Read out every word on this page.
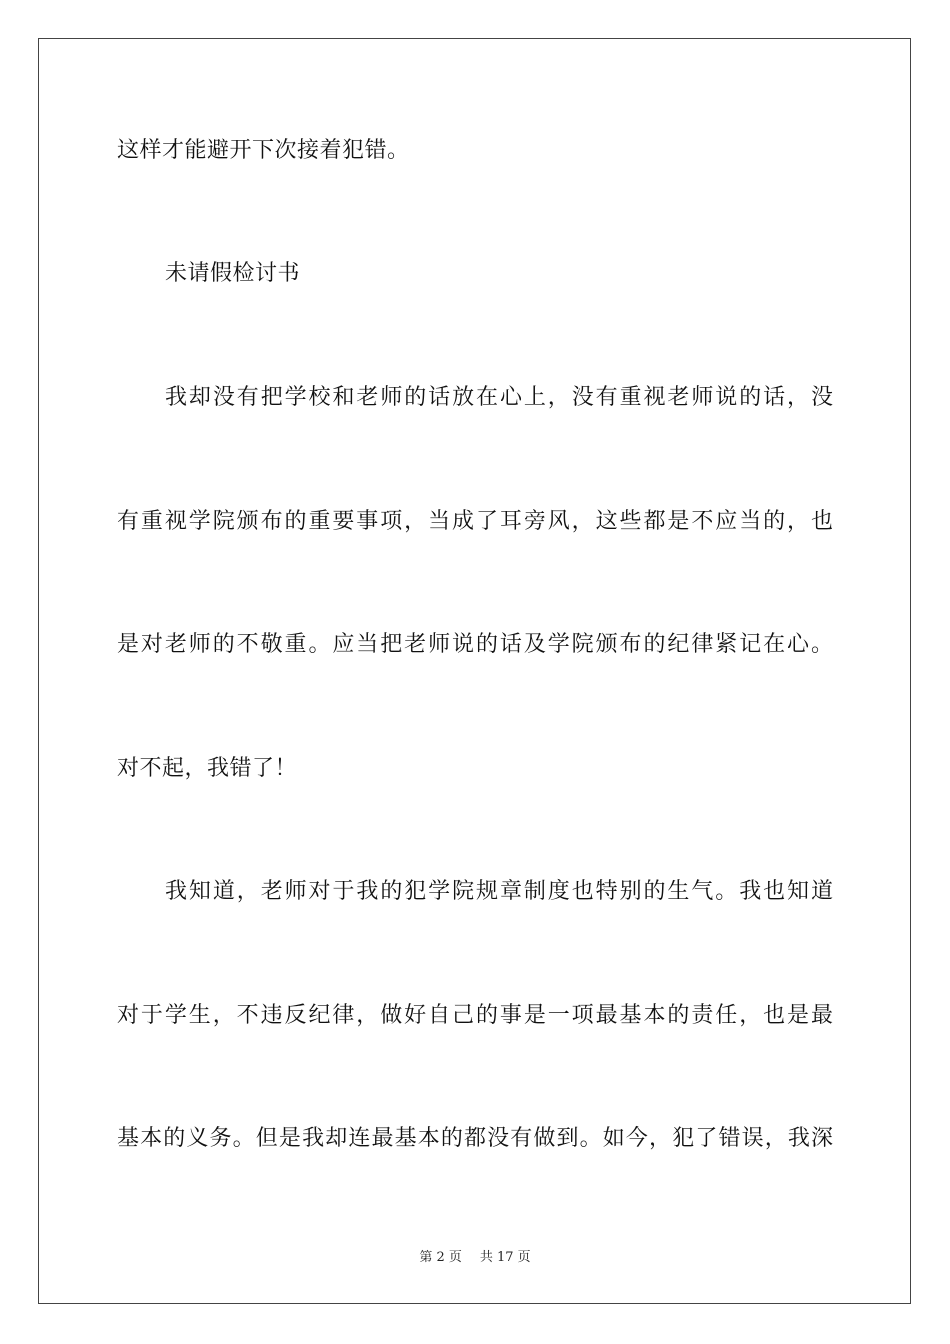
这样才能避开下次接着犯错。
未请假检讨书
我却没有把学校和老师的话放在心上，没有重视老师说的话，没
有重视学院颁布的重要事项，当成了耳旁风，这些都是不应当的，也
是对老师的不敬重。应当把老师说的话及学院颁布的纪律紧记在心。
对不起，我错了！
我知道，老师对于我的犯学院规章制度也特别的生气。我也知道
对于学生，不违反纪律，做好自己的事是一项最基本的责任，也是最
基本的义务。但是我却连最基本的都没有做到。如今，犯了错误，我深
第 2 页 共 17 页
